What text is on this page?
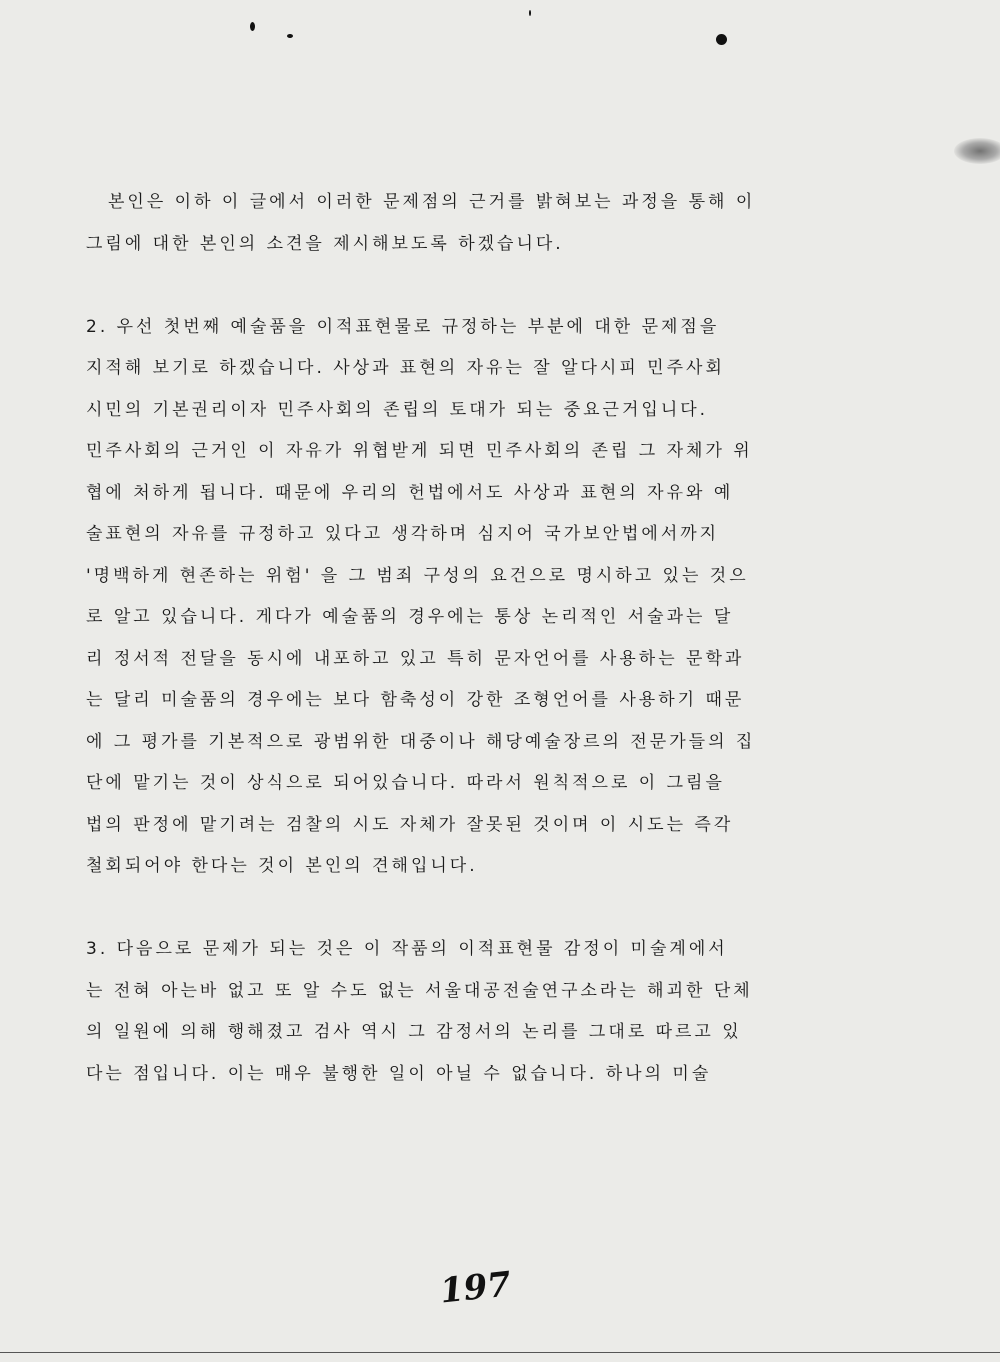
본인은 이하 이 글에서 이러한 문제점의 근거를 밝혀보는 과정을 통해 이
그림에 대한 본인의 소견을 제시해보도록 하겠습니다.
2. 우선 첫번째 예술품을 이적표현물로 규정하는 부분에 대한 문제점을
지적해 보기로 하겠습니다. 사상과 표현의 자유는 잘 알다시피 민주사회
시민의 기본권리이자 민주사회의 존립의 토대가 되는 중요근거입니다.
민주사회의 근거인 이 자유가 위협받게 되면 민주사회의 존립 그 자체가 위
협에 처하게 됩니다. 때문에 우리의 헌법에서도 사상과 표현의 자유와 예
술표현의 자유를 규정하고 있다고 생각하며 심지어 국가보안법에서까지
'명백하게 현존하는 위험' 을 그 범죄 구성의 요건으로 명시하고 있는 것으
로 알고 있습니다. 게다가 예술품의 경우에는 통상 논리적인 서술과는 달
리 정서적 전달을 동시에 내포하고 있고 특히 문자언어를 사용하는 문학과
는 달리 미술품의 경우에는 보다 함축성이 강한 조형언어를 사용하기 때문
에 그 평가를 기본적으로 광범위한 대중이나 해당예술장르의 전문가들의 집
단에 맡기는 것이 상식으로 되어있습니다. 따라서 원칙적으로 이 그림을
법의 판정에 맡기려는 검찰의 시도 자체가 잘못된 것이며 이 시도는 즉각
철회되어야 한다는 것이 본인의 견해입니다.
3. 다음으로 문제가 되는 것은 이 작품의 이적표현물 감정이 미술계에서
는 전혀 아는바 없고 또 알 수도 없는 서울대공전술연구소라는 해괴한 단체
의 일원에 의해 행해졌고 검사 역시 그 감정서의 논리를 그대로 따르고 있
다는 점입니다. 이는 매우 불행한 일이 아닐 수 없습니다. 하나의 미술
197
